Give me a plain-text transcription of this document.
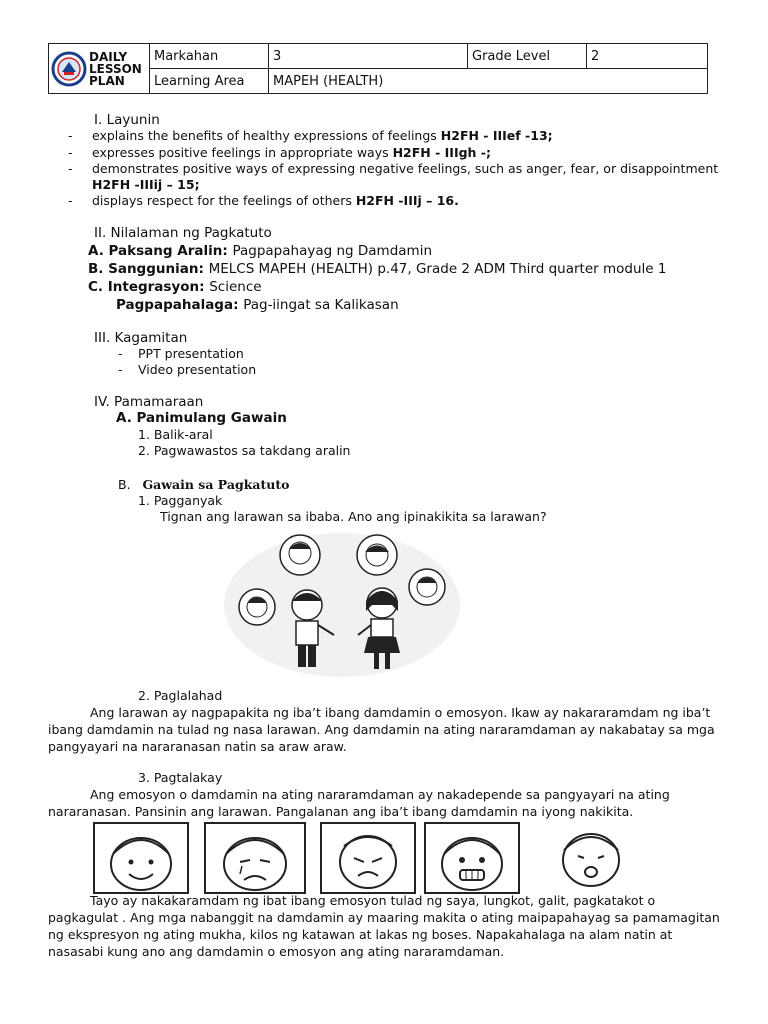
DAILY
LESSON
PLAN	Markahan	3	Grade Level	2
	Learning Area	MAPEH (HEALTH)		
I. Layunin
- explains the benefits of healthy expressions of feelings H2FH - IIIef -13;
- expresses positive feelings in appropriate ways H2FH - IIIgh -;
- demonstrates positive ways of expressing negative feelings, such as anger, fear, or disappointment
H2FH -IIIij – 15;
- displays respect for the feelings of others H2FH -IIIj – 16.
II. Nilalaman ng Pagkatuto
A. Paksang Aralin: Pagpapahayag ng Damdamin
B. Sanggunian: MELCS MAPEH (HEALTH) p.47, Grade 2 ADM Third quarter module 1
C. Integrasyon: Science
Pagpapahalaga: Pag-iingat sa Kalikasan
III. Kagamitan
- PPT presentation
- Video presentation
IV. Pamamaraan
A. Panimulang Gawain
1. Balik-aral
2. Pagwawastos sa takdang aralin
B. Gawain sa Pagkatuto
1. Pagganyak
Tignan ang larawan sa ibaba. Ano ang ipinakikita sa larawan?
2. Paglalahad
Ang larawan ay nagpapakita ng iba’t ibang damdamin o emosyon. Ikaw ay nakararamdam ng iba’t
ibang damdamin na tulad ng nasa larawan. Ang damdamin na ating nararamdaman ay nakabatay sa mga
pangyayari na nararanasan natin sa araw araw.
3. Pagtalakay
Ang emosyon o damdamin na ating nararamdaman ay nakadepende sa pangyayari na ating
nararanasan. Pansinin ang larawan. Pangalanan ang iba’t ibang damdamin na iyong nakikita.
Tayo ay nakakaramdam ng ibat ibang emosyon tulad ng saya, lungkot, galit, pagkatakot o
pagkagulat . Ang mga nabanggit na damdamin ay maaring makita o ating maipapahayag sa pamamagitan
ng ekspresyon ng ating mukha, kilos ng katawan at lakas ng boses. Napakahalaga na alam natin at
nasasabi kung ano ang damdamin o emosyon ang ating nararamdaman.
